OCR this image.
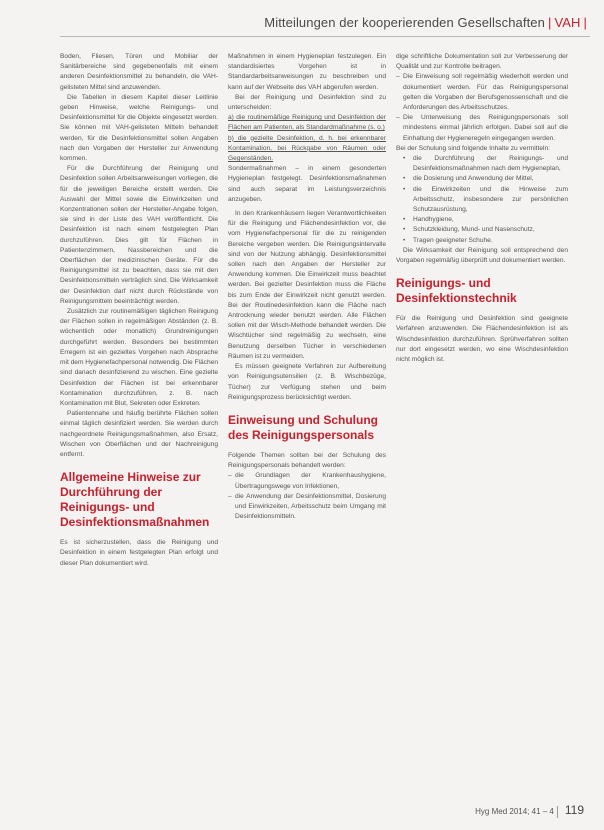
Mitteilungen der kooperierenden Gesellschaften | VAH |

Boden, Fliesen, Türen und Mobiliar der Sanitärbereiche sind gegebenenfalls mit einem anderen Desinfektionsmittel zu behandeln, die VAH-gelisteten Mittel sind anzuwenden.

Die Tabellen in diesem Kapitel dieser Leitlinie geben Hinweise, welche Reinigungs- und Desinfektionsmittel für die Objekte eingesetzt werden. Sie können mit VAH-gelisteten Mitteln behandelt werden, für die Desinfektionsmittel sollen Angaben nach den Vorgaben der Hersteller zur Anwendung kommen.

Für die Durchführung der Reinigung und Desinfektion sollen Arbeitsanweisungen vorliegen, die für die jeweiligen Bereiche erstellt werden. Die Auswahl der Mittel sowie die Einwirkzeiten und Konzentrationen sollen der Hersteller-Angabe folgen, sie sind in der Liste des VAH veröffentlicht. Die Desinfektion ist nach einem festgelegten Plan durchzuführen. Dies gilt für Flächen in Patientenzimmern, Nassbereichen und die Oberflächen der medizinischen Geräte. Für die Reinigungsmittel ist zu beachten, dass sie mit den Desinfektionsmitteln verträglich sind. Die Wirksamkeit der Desinfektion darf nicht durch Rückstände von Reinigungsmitteln beeinträchtigt werden.

Zusätzlich zur routinemäßigen täglichen Reinigung der Flächen sollen in regelmäßigen Abständen (z. B. wöchentlich oder monatlich) Grundreinigungen durchgeführt werden. Besonders bei bestimmten Erregern ist ein gezieltes Vorgehen nach Absprache mit dem Hygienefachpersonal notwendig. Die Flächen sind danach desinfizierend zu wischen. Eine gezielte Desinfektion der Flächen ist bei erkennbarer Kontamination durchzuführen, z. B. nach Kontamination mit Blut, Sekreten oder Exkreten.

Patientennahe und häufig berührte Flächen sollen einmal täglich desinfiziert werden. Sie werden durch nachgeordnete Reinigungsmaßnahmen, also Ersatz, Wischen von Oberflächen und der Nachreinigung entfernt.

Allgemeine Hinweise zur Durchführung der Reinigungs- und Desinfektionsmaßnahmen

Es ist sicherzustellen, dass die Reinigung und Desinfektion in einem festgelegten Plan erfolgt und dieser Plan dokumentiert wird.

Maßnahmen in einem Hygieneplan festzulegen. Ein standardisiertes Vorgehen ist in Standardarbeitsanweisungen zu beschreiben und kann auf der Webseite des VAH abgerufen werden.

Bei der Reinigung und Desinfektion sind zu unterscheiden:

a) die routinemäßige Reinigung und Desinfektion der Flächen am Patienten, als Standardmaßnahme (s. o.)

b) die gezielte Desinfektion, d. h. bei erkennbarer Kontamination, bei Rückgabe von Räumen oder Gegenständen.

Sondermaßnahmen – in einem gesonderten Hygieneplan festgelegt. Desinfektionsmaßnahmen sind auch separat im Leistungsverzeichnis anzugeben.

In den Krankenhäusern liegen Verantwortlichkeiten für die Reinigung und Flächendesinfektion vor, die vom Hygienefachpersonal für die zu reinigenden Bereiche vergeben werden. Die Reinigungsintervalle sind von der Nutzung abhängig. Desinfektionsmittel sollen nach den Angaben der Hersteller zur Anwendung kommen. Die Einwirkzeit muss beachtet werden. Bei gezielter Desinfektion muss die Fläche bis zum Ende der Einwirkzeit nicht genutzt werden. Bei der Routinedesinfektion kann die Fläche nach Antrocknung wieder benutzt werden. Alle Flächen sollen mit der Wisch-Methode behandelt werden. Die Wischtücher sind regelmäßig zu wechseln, eine Benutzung derselben Tücher in verschiedenen Räumen ist zu vermeiden.

Es müssen geeignete Verfahren zur Aufbereitung von Reinigungsutensilien (z. B. Wischbezüge, Tücher) zur Verfügung stehen und beim Reinigungsprozess berücksichtigt werden.

Einweisung und Schulung des Reinigungspersonals

Folgende Themen sollten bei der Schulung des Reinigungspersonals behandelt werden:

– die Grundlagen der Krankenhaushygiene, Übertragungswege von Infektionen,
– die Anwendung der Desinfektionsmittel, Dosierung und Einwirkzeiten, Arbeitsschutz beim Umgang mit Desinfektionsmitteln.

dige schriftliche Dokumentation soll zur Verbesserung der Qualität und zur Kontrolle beitragen.

– Die Einweisung soll regelmäßig wiederholt werden und dokumentiert werden. Für das Reinigungspersonal gelten die Vorgaben der Berufsgenossenschaft und die Anforderungen des Arbeitsschutzes.
– Die Unterweisung des Reinigungspersonals soll mindestens einmal jährlich erfolgen. Dabei soll auf die Einhaltung der Hygieneregeln eingegangen werden.

Bei der Schulung sind folgende Inhalte zu vermitteln:

• die Durchführung der Reinigungs- und Desinfektionsmaßnahmen nach dem Hygieneplan,
• die Dosierung und Anwendung der Mittel,
• die Einwirkzeiten und die Hinweise zum Arbeitsschutz, insbesondere zur persönlichen Schutzausrüstung,
• Handhygiene,
• Schutzkleidung, Mund- und Nasenschutz,
• Tragen geeigneter Schuhe.

Die Wirksamkeit der Reinigung soll entsprechend den Vorgaben regelmäßig überprüft und dokumentiert werden.

Reinigungs- und Desinfektionstechnik

Für die Reinigung und Desinfektion sind geeignete Verfahren anzuwenden. Die Flächendesinfektion ist als Wischdesinfektion durchzuführen. Sprühverfahren sollten nur dort eingesetzt werden, wo eine Wischdesinfektion nicht möglich ist.

Hyg Med 2014; 41 – 4 119
